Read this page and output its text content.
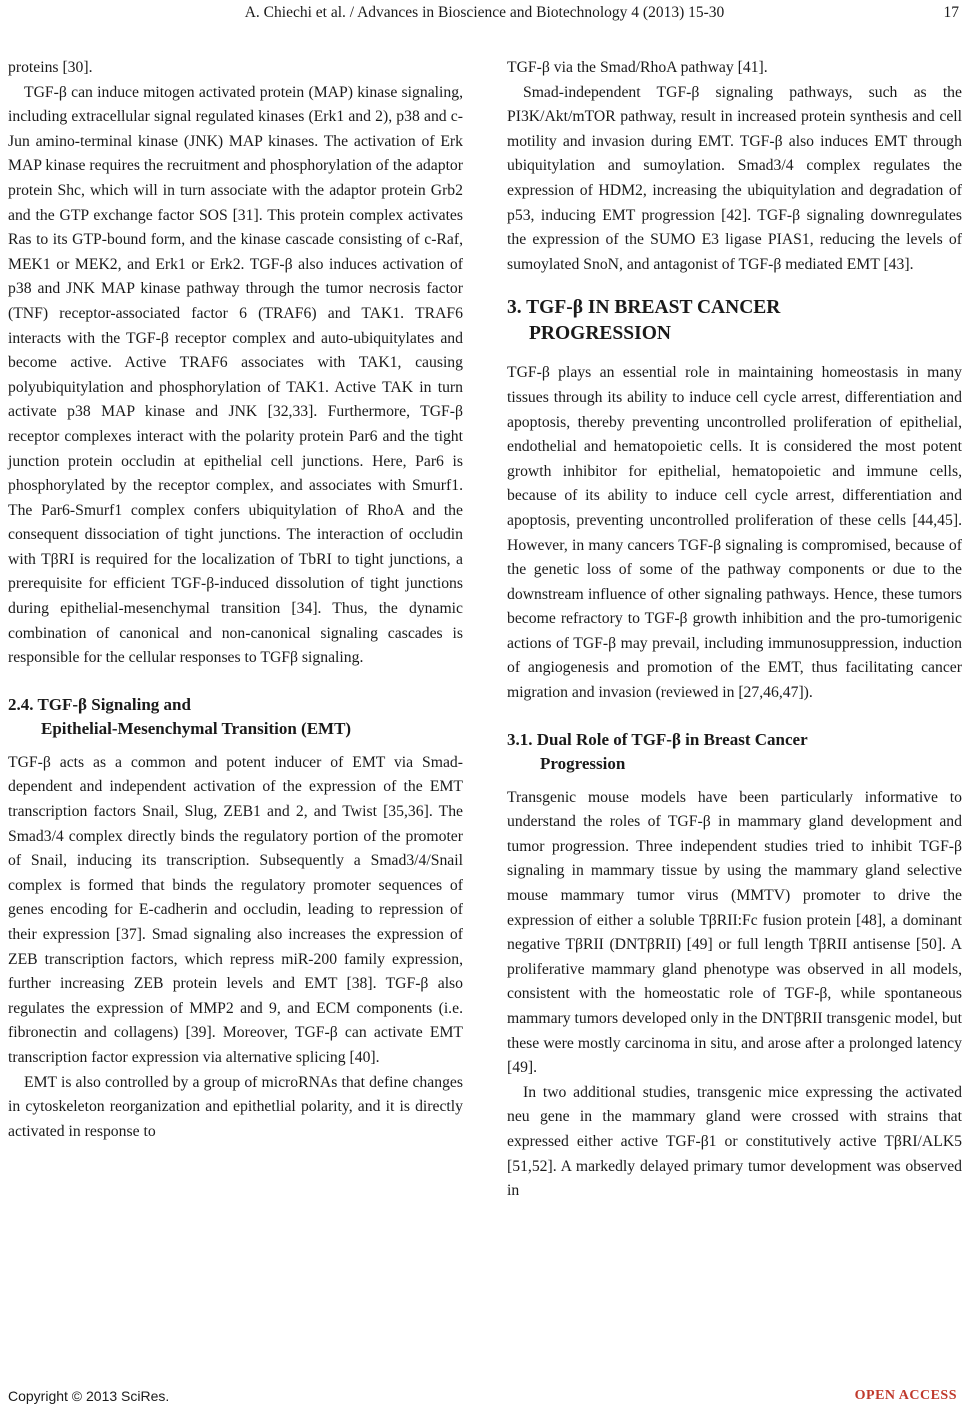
A. Chiechi et al. / Advances in Bioscience and Biotechnology 4 (2013) 15-30	17

proteins [30].

TGF-β can induce mitogen activated protein (MAP) kinase signaling, including extracellular signal regulated kinases (Erk1 and 2), p38 and c-Jun amino-terminal kinase (JNK) MAP kinases. The activation of Erk MAP kinase requires the recruitment and phosphorylation of the adaptor protein Shc, which will in turn associate with the adaptor protein Grb2 and the GTP exchange factor SOS [31]. This protein complex activates Ras to its GTP-bound form, and the kinase cascade consisting of c-Raf, MEK1 or MEK2, and Erk1 or Erk2. TGF-β also induces activation of p38 and JNK MAP kinase pathway through the tumor necrosis factor (TNF) receptor-associated factor 6 (TRAF6) and TAK1. TRAF6 interacts with the TGF-β receptor complex and auto-ubiquitylates and become active. Active TRAF6 associates with TAK1, causing polyubiquitylation and phosphorylation of TAK1. Active TAK in turn activate p38 MAP kinase and JNK [32,33]. Furthermore, TGF-β receptor complexes interact with the polarity protein Par6 and the tight junction protein occludin at epithelial cell junctions. Here, Par6 is phosphorylated by the receptor complex, and associates with Smurf1. The Par6-Smurf1 complex confers ubiquitylation of RhoA and the consequent dissociation of tight junctions. The interaction of occludin with TβRI is required for the localization of TbRI to tight junctions, a prerequisite for efficient TGF-β-induced dissolution of tight junctions during epithelial-mesenchymal transition [34]. Thus, the dynamic combination of canonical and non-canonical signaling cascades is responsible for the cellular responses to TGFβ signaling.

2.4. TGF-β Signaling and
Epithelial-Mesenchymal Transition (EMT)

TGF-β acts as a common and potent inducer of EMT via Smad-dependent and independent activation of the expression of the EMT transcription factors Snail, Slug, ZEB1 and 2, and Twist [35,36]. The Smad3/4 complex directly binds the regulatory portion of the promoter of Snail, inducing its transcription. Subsequently a Smad3/4/Snail complex is formed that binds the regulatory promoter sequences of genes encoding for E-cadherin and occludin, leading to repression of their expression [37]. Smad signaling also increases the expression of ZEB transcription factors, which repress miR-200 family expression, further increasing ZEB protein levels and EMT [38]. TGF-β also regulates the expression of MMP2 and 9, and ECM components (i.e. fibronectin and collagens) [39]. Moreover, TGF-β can activate EMT transcription factor expression via alternative splicing [40].

EMT is also controlled by a group of microRNAs that define changes in cytoskeleton reorganization and epithetlial polarity, and it is directly activated in response to

TGF-β via the Smad/RhoA pathway [41].

Smad-independent TGF-β signaling pathways, such as the PI3K/Akt/mTOR pathway, result in increased protein synthesis and cell motility and invasion during EMT. TGF-β also induces EMT through ubiquitylation and sumoylation. Smad3/4 complex regulates the expression of HDM2, increasing the ubiquitylation and degradation of p53, inducing EMT progression [42]. TGF-β signaling downregulates the expression of the SUMO E3 ligase PIAS1, reducing the levels of sumoylated SnoN, and antagonist of TGF-β mediated EMT [43].

3. TGF-β IN BREAST CANCER
PROGRESSION

TGF-β plays an essential role in maintaining homeostasis in many tissues through its ability to induce cell cycle arrest, differentiation and apoptosis, thereby preventing uncontrolled proliferation of epithelial, endothelial and hematopoietic cells. It is considered the most potent growth inhibitor for epithelial, hematopoietic and immune cells, because of its ability to induce cell cycle arrest, differentiation and apoptosis, preventing uncontrolled proliferation of these cells [44,45]. However, in many cancers TGF-β signaling is compromised, because of the genetic loss of some of the pathway components or due to the downstream influence of other signaling pathways. Hence, these tumors become refractory to TGF-β growth inhibition and the pro-tumorigenic actions of TGF-β may prevail, including immunosuppression, induction of angiogenesis and promotion of the EMT, thus facilitating cancer migration and invasion (reviewed in [27,46,47]).

3.1. Dual Role of TGF-β in Breast Cancer
Progression

Transgenic mouse models have been particularly informative to understand the roles of TGF-β in mammary gland development and tumor progression. Three independent studies tried to inhibit TGF-β signaling in mammary tissue by using the mammary gland selective mouse mammary tumor virus (MMTV) promoter to drive the expression of either a soluble TβRII:Fc fusion protein [48], a dominant negative TβRII (DNTβRII) [49] or full length TβRII antisense [50]. A proliferative mammary gland phenotype was observed in all models, consistent with the homeostatic role of TGF-β, while spontaneous mammary tumors developed only in the DNTβRII transgenic model, but these were mostly carcinoma in situ, and arose after a prolonged latency [49].

In two additional studies, transgenic mice expressing the activated neu gene in the mammary gland were crossed with strains that expressed either active TGF-β1 or constitutively active TβRI/ALK5 [51,52]. A markedly delayed primary tumor development was observed in

Copyright © 2013 SciRes.	OPEN ACCESS
